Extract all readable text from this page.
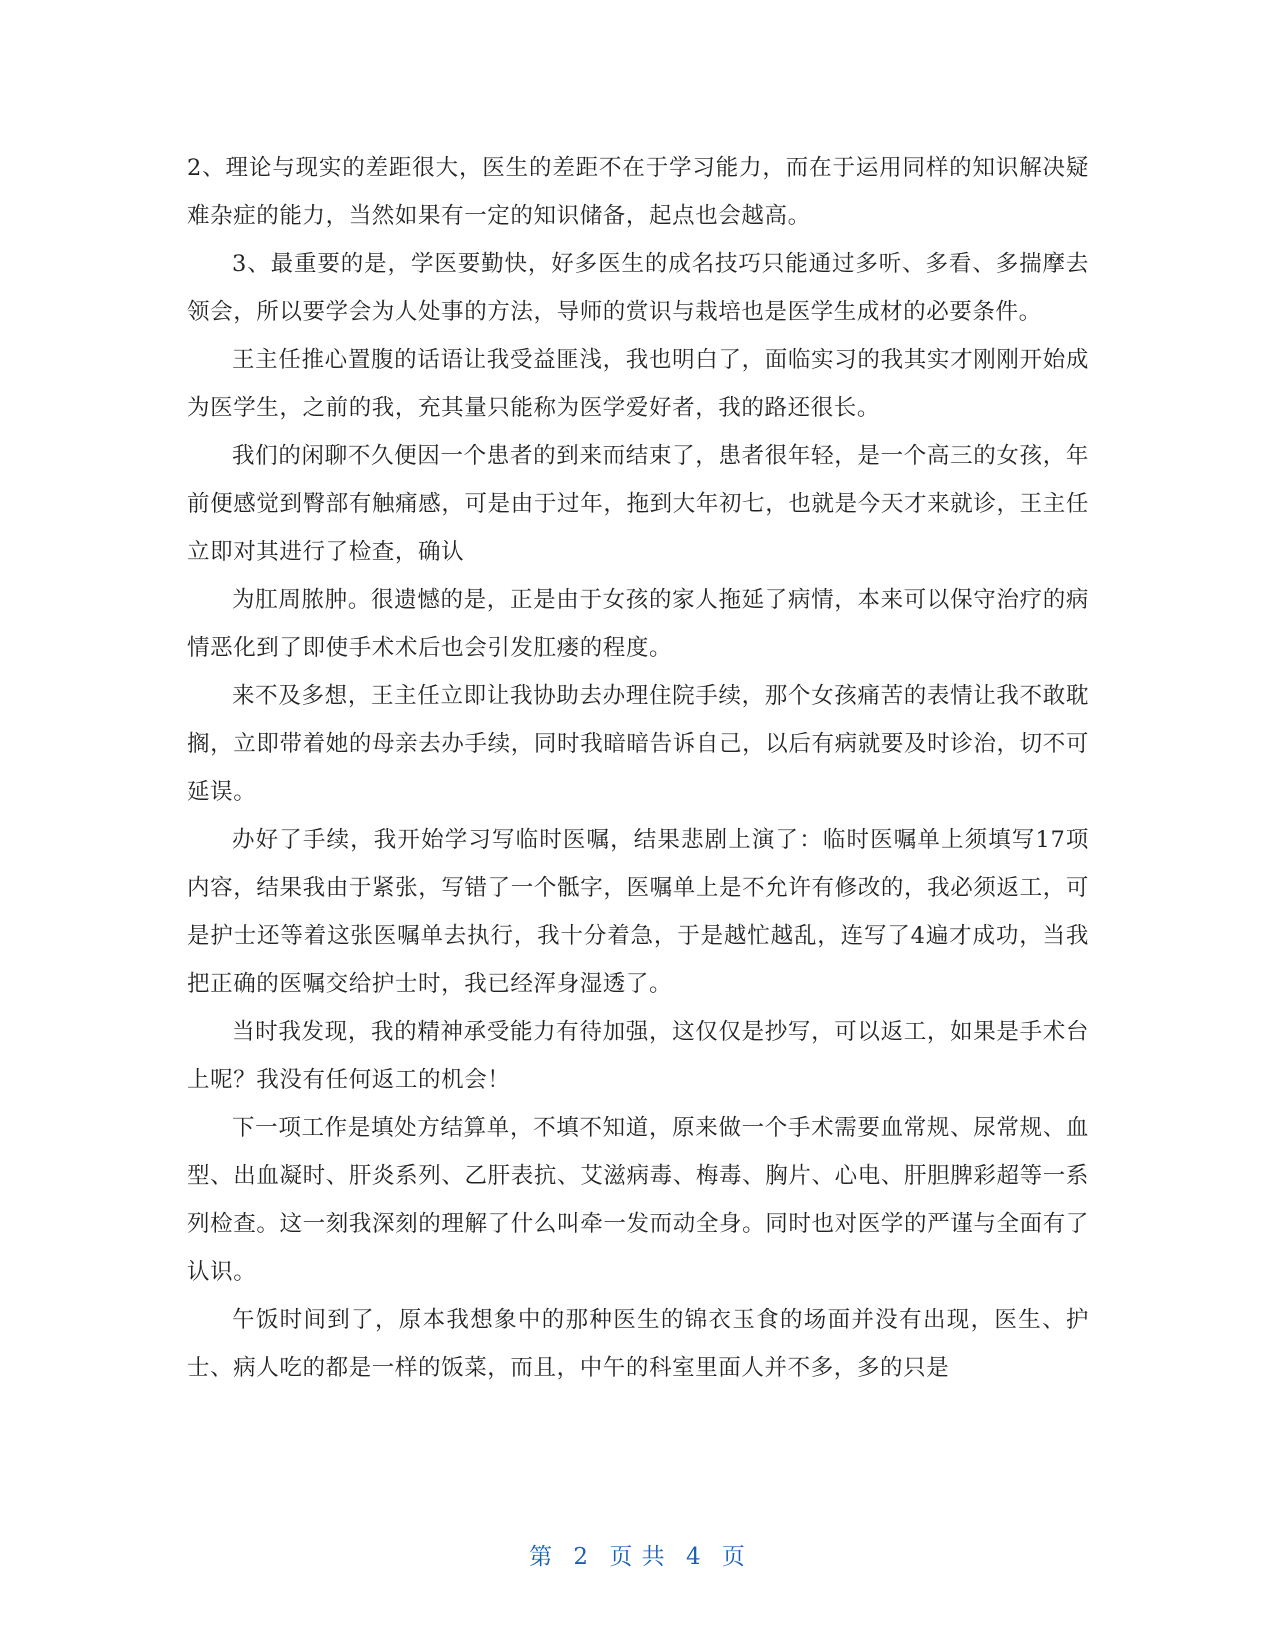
2、理论与现实的差距很大，医生的差距不在于学习能力，而在于运用同样的知识解决疑难杂症的能力，当然如果有一定的知识储备，起点也会越高。

3、最重要的是，学医要勤快，好多医生的成名技巧只能通过多听、多看、多揣摩去领会，所以要学会为人处事的方法，导师的赏识与栽培也是医学生成材的必要条件。

王主任推心置腹的话语让我受益匪浅，我也明白了，面临实习的我其实才刚刚开始成为医学生，之前的我，充其量只能称为医学爱好者，我的路还很长。

我们的闲聊不久便因一个患者的到来而结束了，患者很年轻，是一个高三的女孩，年前便感觉到臀部有触痛感，可是由于过年，拖到大年初七，也就是今天才来就诊，王主任立即对其进行了检查，确认

为肛周脓肿。很遗憾的是，正是由于女孩的家人拖延了病情，本来可以保守治疗的病情恶化到了即使手术术后也会引发肛瘘的程度。

来不及多想，王主任立即让我协助去办理住院手续，那个女孩痛苦的表情让我不敢耽搁，立即带着她的母亲去办手续，同时我暗暗告诉自己，以后有病就要及时诊治，切不可延误。

办好了手续，我开始学习写临时医嘱，结果悲剧上演了：临时医嘱单上须填写17项内容，结果我由于紧张，写错了一个骶字，医嘱单上是不允许有修改的，我必须返工，可是护士还等着这张医嘱单去执行，我十分着急，于是越忙越乱，连写了4遍才成功，当我把正确的医嘱交给护士时，我已经浑身湿透了。

当时我发现，我的精神承受能力有待加强，这仅仅是抄写，可以返工，如果是手术台上呢？我没有任何返工的机会！

下一项工作是填处方结算单，不填不知道，原来做一个手术需要血常规、尿常规、血型、出血凝时、肝炎系列、乙肝表抗、艾滋病毒、梅毒、胸片、心电、肝胆脾彩超等一系列检查。这一刻我深刻的理解了什么叫牵一发而动全身。同时也对医学的严谨与全面有了认识。

午饭时间到了，原本我想象中的那种医生的锦衣玉食的场面并没有出现，医生、护士、病人吃的都是一样的饭菜，而且，中午的科室里面人并不多，多的只是

第 2 页 共 4 页
